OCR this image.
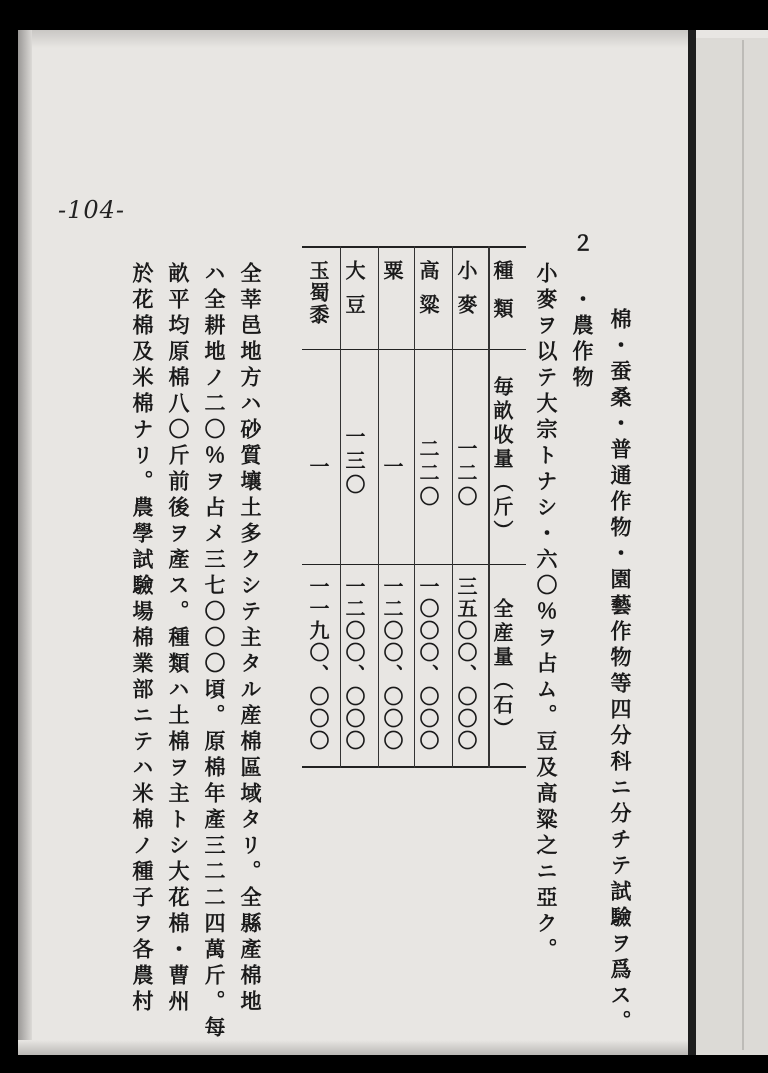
-104-
棉・蚕桑・普通作物・園藝作物等四分科ニ分チテ試驗ヲ爲ス。
２ ・農作物
小麥ヲ以テ大宗トナシ・六〇％ヲ占ム。豆及高粱之ニ亞ク。
種類
毎畝收量（斤）
全産量（石）
小麥
一二〇
三五〇〇、〇〇〇
高粱
二二〇
一〇〇〇、〇〇〇
粟
一
一二〇〇、〇〇〇
大豆
一三〇
一二〇〇、〇〇〇
玉蜀黍
一
一一九〇、〇〇〇
全莘邑地方ハ砂質壤土多クシテ主タル産棉區域タリ。全縣產棉地
ハ全耕地ノ二〇％ヲ占メ三七〇〇〇頃。原棉年產三二二四萬斤。每
畝平均原棉八〇斤前後ヲ產ス。種類ハ土棉ヲ主トシ大花棉・曹州
於花棉及米棉ナリ。農學試驗場棉業部ニテハ米棉ノ種子ヲ各農村
